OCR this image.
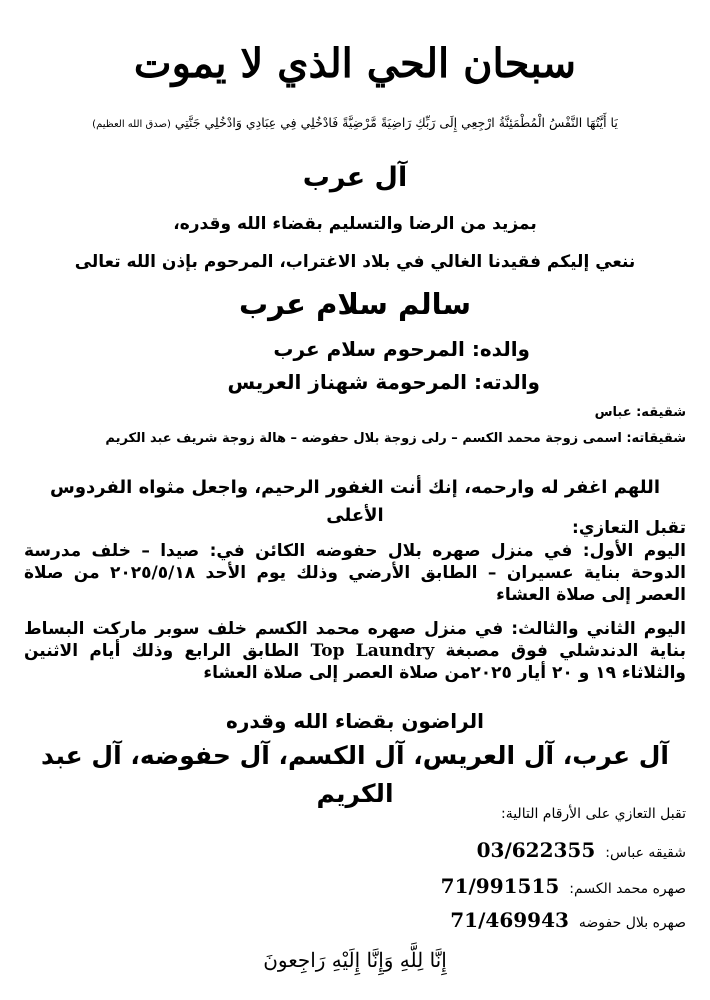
سبحان الحي الذي لا يموت
يَا أَيَّتُهَا النَّفْسُ الْمُطْمَئِنَّةُ ارْجِعِي إِلَى رَبِّكِ رَاضِيَةً مَّرْضِيَّةً فَادْخُلِي فِي عِبَادِي وَادْخُلِي جَنَّتِي (صدق الله العظيم)
آل عرب
بمزيد من الرضا والتسليم بقضاء الله وقدره،
ننعي إليكم فقيدنا الغالي في بلاد الاغتراب، المرحوم بإذن الله تعالى
سالم سلام عرب
والده: المرحوم سلام عرب
والدته: المرحومة شهناز العريس
شقيقه: عباس
شقيقاته: اسمى زوجة محمد الكسم – رلى زوجة بلال حفوضه – هالة زوجة شريف عبد الكريم
اللهم اغفر له وارحمه، إنك أنت الغفور الرحيم، واجعل مثواه الفردوس الأعلى
تقبل التعازي:
اليوم الأول: في منزل صهره بلال حفوضه الكائن في: صيدا – خلف مدرسة الدوحة بناية عسيران – الطابق الأرضي وذلك يوم الأحد ٢٠٢٥/٥/١٨ من صلاة العصر إلى صلاة العشاء
اليوم الثاني والثالث: في منزل صهره محمد الكسم خلف سوبر ماركت البساط بناية الدندشلي فوق مصبغة Top Laundry الطابق الرابع وذلك أيام الاثنين والثلاثاء ١٩ و ٢٠ أيار ٢٠٢٥من صلاة العصر إلى صلاة العشاء
الراضون بقضاء الله وقدره
آل عرب، آل العريس، آل الكسم، آل حفوضه، آل عبد الكريم
تقبل التعازي على الأرقام التالية:
شقيقه عباس:
03/622355
صهره محمد الكسم:
71/991515
صهره بلال حفوضه
71/469943
إِنَّا لِلَّهِ وَإِنَّا إِلَيْهِ رَاجِعونَ
